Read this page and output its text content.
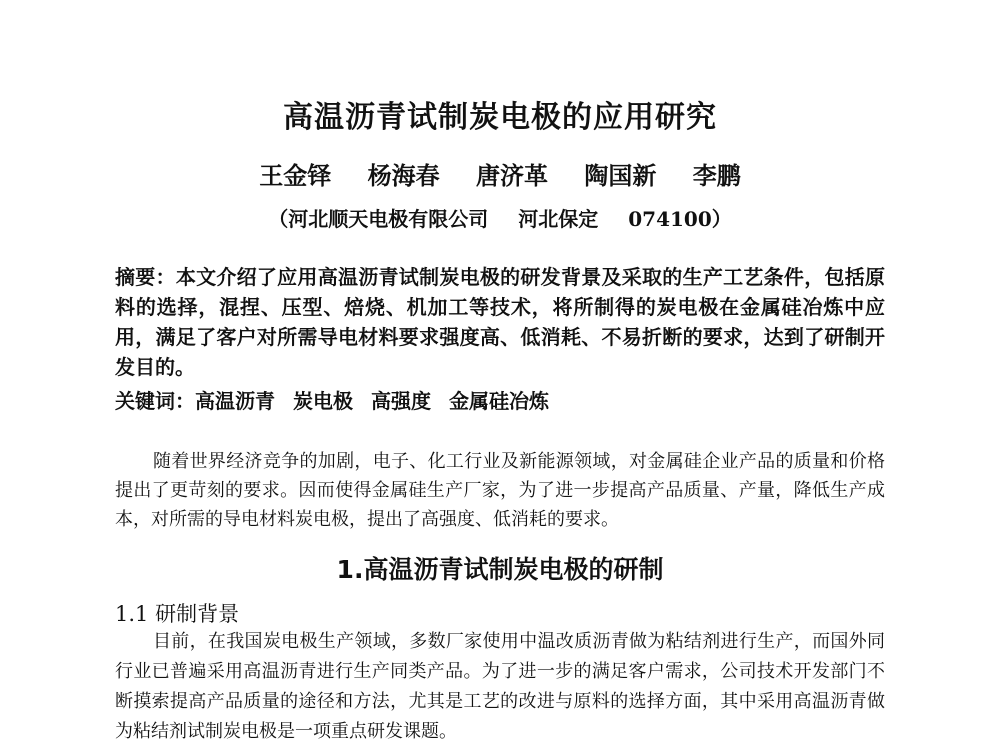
高温沥青试制炭电极的应用研究
王金铎 杨海春 唐济革 陶国新 李鹏
（河北顺天电极有限公司 河北保定 074100）
摘要：本文介绍了应用高温沥青试制炭电极的研发背景及采取的生产工艺条件，包括原料的选择，混捏、压型、焙烧、机加工等技术，将所制得的炭电极在金属硅冶炼中应用，满足了客户对所需导电材料要求强度高、低消耗、不易折断的要求，达到了研制开发目的。
关键词：高温沥青 炭电极 高强度 金属硅冶炼
随着世界经济竞争的加剧，电子、化工行业及新能源领域，对金属硅企业产品的质量和价格提出了更苛刻的要求。因而使得金属硅生产厂家，为了进一步提高产品质量、产量，降低生产成本，对所需的导电材料炭电极，提出了高强度、低消耗的要求。
1.高温沥青试制炭电极的研制
1.1 研制背景
目前，在我国炭电极生产领域，多数厂家使用中温改质沥青做为粘结剂进行生产，而国外同行业已普遍采用高温沥青进行生产同类产品。为了进一步的满足客户需求，公司技术开发部门不断摸索提高产品质量的途径和方法，尤其是工艺的改进与原料的选择方面，其中采用高温沥青做为粘结剂试制炭电极是一项重点研发课题。
